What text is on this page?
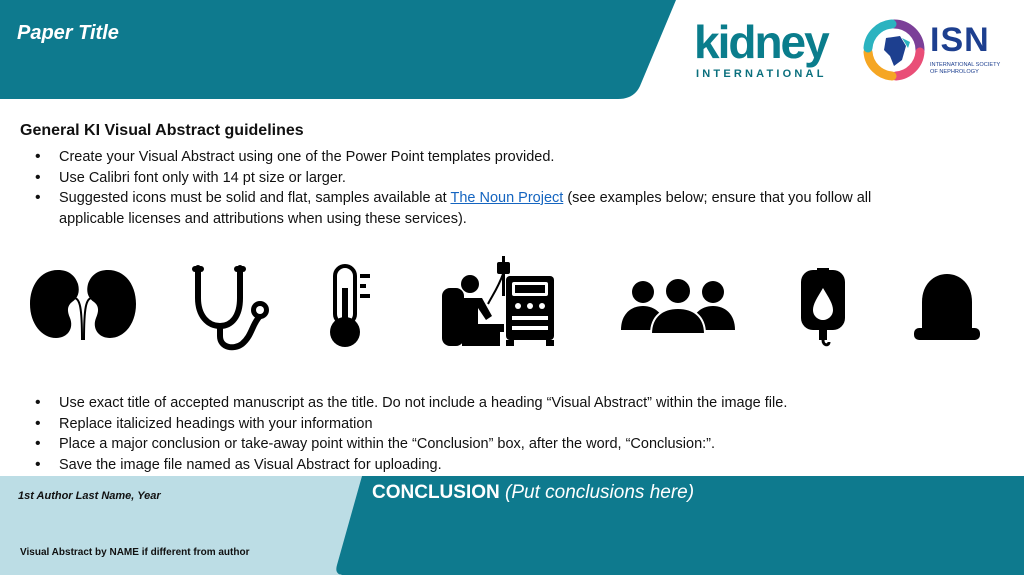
Paper Title	kidney
INTERNATIONAL
ISN
INTERNATIONAL SOCIETY OF NEPHROLOGY
General KI Visual Abstract guidelines
• Create your Visual Abstract using one of the Power Point templates provided.
• Use Calibri font only with 14 pt size or larger.
• Suggested icons must be solid and flat, samples available at The Noun Project (see examples below; ensure that you follow all applicable licenses and attributions when using these services).
• Use exact title of accepted manuscript as the title. Do not include a heading “Visual Abstract” within the image file.
• Replace italicized headings with your information
• Place a major conclusion or take-away point within the “Conclusion” box, after the word, “Conclusion:”.
• Save the image file named as Visual Abstract for uploading.
1st Author Last Name, Year
Visual Abstract by NAME if different from author
CONCLUSION (Put conclusions here)
